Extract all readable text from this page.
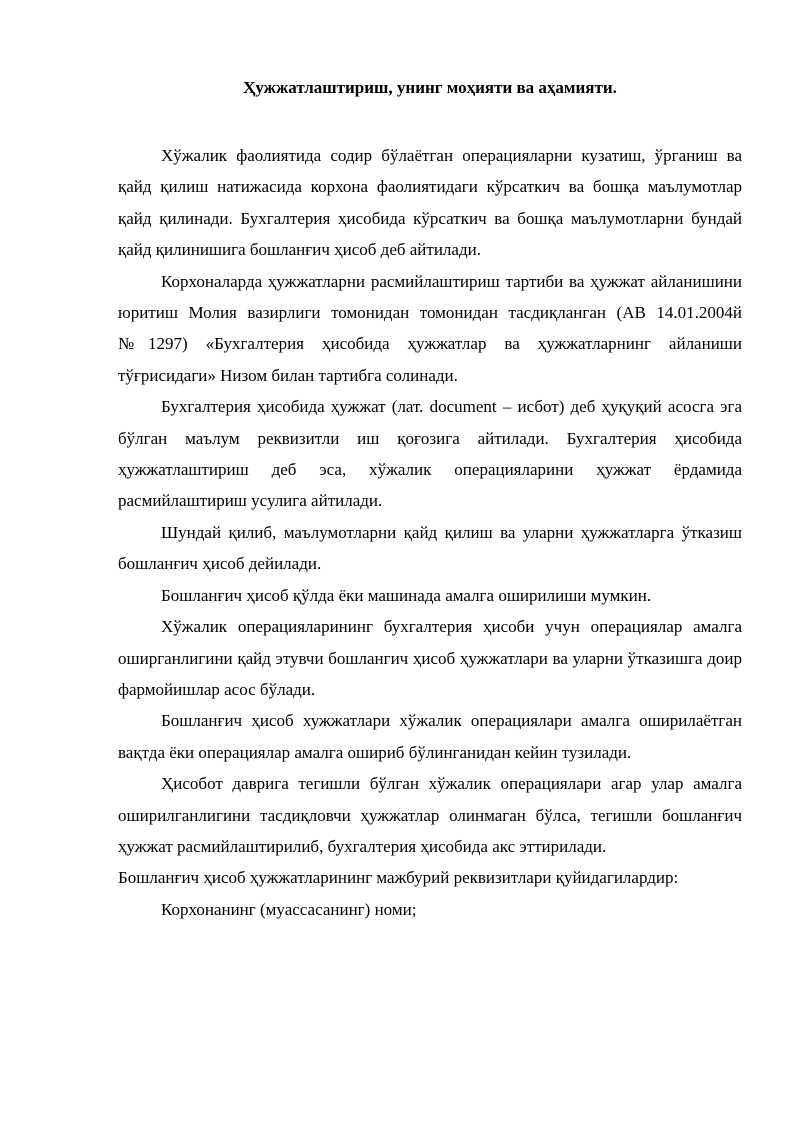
Ҳужжатлаштириш, унинг моҳияти ва аҳамияти.

Хўжалик фаолиятида содир бўлаётган операцияларни кузатиш, ўрганиш ва қайд қилиш натижасида корхона фаолиятидаги кўрсаткич ва бошқа маълумотлар қайд қилинади. Бухгалтерия ҳисобида кўрсаткич ва бошқа маълумотларни бундай қайд қилинишига бошланғич ҳисоб деб айтилади.

Корхоналарда ҳужжатларни расмийлаштириш тартиби ва ҳужжат айланишини юритиш Молия вазирлиги томонидан томонидан тасдиқланган (АВ 14.01.2004й №1297) «Бухгалтерия ҳисобида ҳужжатлар ва ҳужжатларнинг айланиши тўғрисидаги» Низом билан тартибга солинади.

Бухгалтерия ҳисобида ҳужжат (лат. document – исбот) деб ҳуқуқий асосга эга бўлган маълум реквизитли иш қоғозига айтилади. Бухгалтерия ҳисобида ҳужжатлаштириш деб эса, хўжалик операцияларини ҳужжат ёрдамида расмийлаштириш усулига айтилади.

Шундай қилиб, маълумотларни қайд қилиш ва уларни ҳужжатларга ўтказиш бошланғич ҳисоб дейилади.

Бошланғич ҳисоб қўлда ёки машинада амалга оширилиши мумкин.

Хўжалик операцияларининг бухгалтерия ҳисоби учун операциялар амалга оширганлигини қайд этувчи бошлангич ҳисоб ҳужжатлари ва уларни ўтказишга доир фармойишлар асос бўлади.

Бошланғич ҳисоб хужжатлари хўжалик операциялари амалга оширилаётган вақтда ёки операциялар амалга ошириб бўлинганидан кейин тузилади.

Ҳисобот даврига тегишли бўлган хўжалик операциялари агар улар амалга оширилганлигини тасдиқловчи ҳужжатлар олинмаган бўлса, тегишли бошланғич ҳужжат расмийлаштирилиб, бухгалтерия ҳисобида акс эттирилади.

Бошланғич ҳисоб ҳужжатларининг мажбурий реквизитлари қуйидагилардир:

Корхонанинг (муассасанинг) номи;
